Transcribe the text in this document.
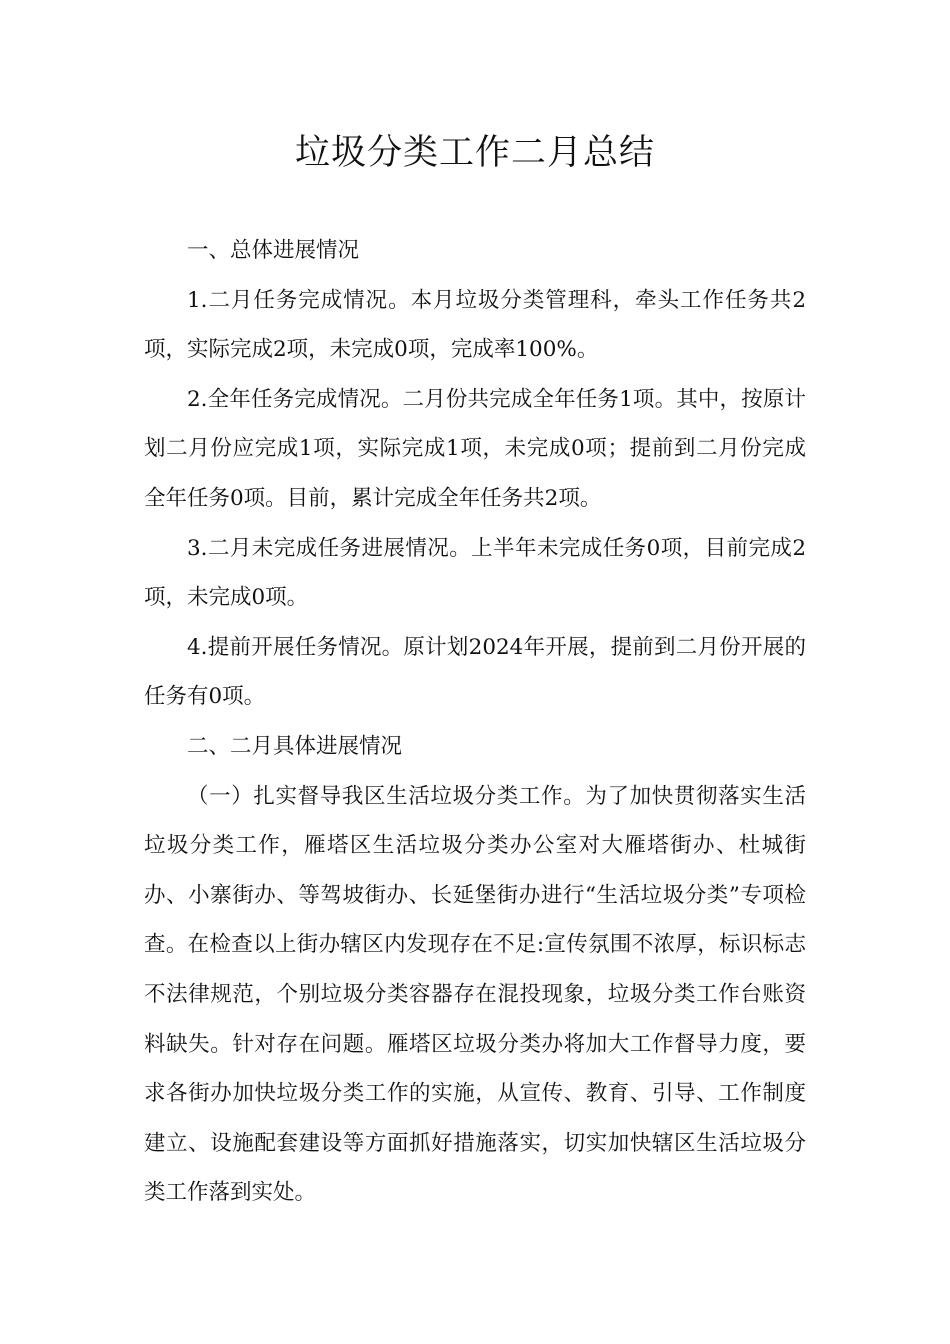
垃圾分类工作二月总结

一、总体进展情况

1.二月任务完成情况。本月垃圾分类管理科，牵头工作任务共2项，实际完成2项，未完成0项，完成率100%。

2.全年任务完成情况。二月份共完成全年任务1项。其中，按原计划二月份应完成1项，实际完成1项，未完成0项；提前到二月份完成全年任务0项。目前，累计完成全年任务共2项。

3.二月未完成任务进展情况。上半年未完成任务0项，目前完成2项，未完成0项。

4.提前开展任务情况。原计划2024年开展，提前到二月份开展的任务有0项。

二、二月具体进展情况

（一）扎实督导我区生活垃圾分类工作。为了加快贯彻落实生活垃圾分类工作，雁塔区生活垃圾分类办公室对大雁塔街办、杜城街办、小寨街办、等驾坡街办、长延堡街办进行“生活垃圾分类”专项检查。在检查以上街办辖区内发现存在不足:宣传氛围不浓厚，标识标志不法律规范，个别垃圾分类容器存在混投现象，垃圾分类工作台账资料缺失。针对存在问题。雁塔区垃圾分类办将加大工作督导力度，要求各街办加快垃圾分类工作的实施，从宣传、教育、引导、工作制度建立、设施配套建设等方面抓好措施落实，切实加快辖区生活垃圾分类工作落到实处。
